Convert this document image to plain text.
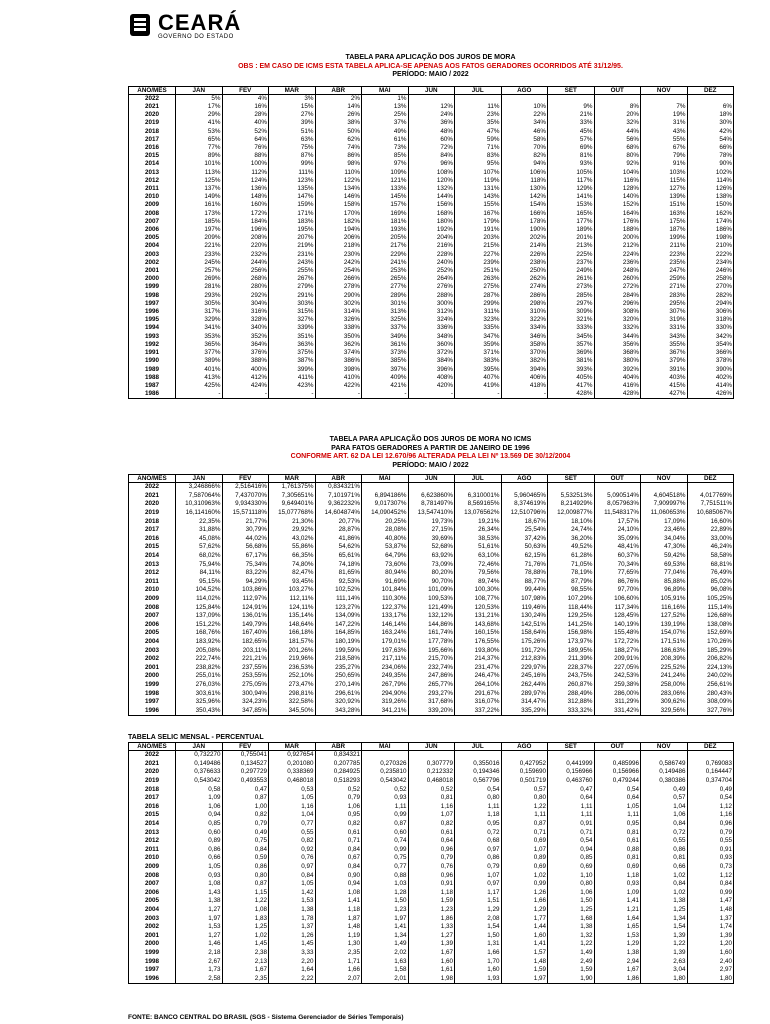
CEARÁ
GOVERNO DO ESTADO
TABELA PARA APLICAÇÃO DOS JUROS DE MORA
OBS : EM CASO DE ICMS ESTA TABELA APLICA-SE APENAS AOS FATOS GERADORES OCORRIDOS ATÉ 31/12/95.
PERÍODO: MAIO / 2022
ANO/MÊS	JAN	FEV	MAR	ABR	MAI	JUN	JUL	AGO	SET	OUT	NOV	DEZ
2022	5%	4%	3%	2%	1%							
2021	17%	16%	15%	14%	13%	12%	11%	10%	9%	8%	7%	6%
2020	29%	28%	27%	26%	25%	24%	23%	22%	21%	20%	19%	18%
2019	41%	40%	39%	38%	37%	36%	35%	34%	33%	32%	31%	30%
2018	53%	52%	51%	50%	49%	48%	47%	46%	45%	44%	43%	42%
2017	65%	64%	63%	62%	61%	60%	59%	58%	57%	56%	55%	54%
2016	77%	76%	75%	74%	73%	72%	71%	70%	69%	68%	67%	66%
2015	89%	88%	87%	86%	85%	84%	83%	82%	81%	80%	79%	78%
2014	101%	100%	99%	98%	97%	96%	95%	94%	93%	92%	91%	90%
2013	113%	112%	111%	110%	109%	108%	107%	106%	105%	104%	103%	102%
2012	125%	124%	123%	122%	121%	120%	119%	118%	117%	116%	115%	114%
2011	137%	136%	135%	134%	133%	132%	131%	130%	129%	128%	127%	126%
2010	149%	148%	147%	146%	145%	144%	143%	142%	141%	140%	139%	138%
2009	161%	160%	159%	158%	157%	156%	155%	154%	153%	152%	151%	150%
2008	173%	172%	171%	170%	169%	168%	167%	166%	165%	164%	163%	162%
2007	185%	184%	183%	182%	181%	180%	179%	178%	177%	176%	175%	174%
2006	197%	196%	195%	194%	193%	192%	191%	190%	189%	188%	187%	186%
2005	209%	208%	207%	206%	205%	204%	203%	202%	201%	200%	199%	198%
2004	221%	220%	219%	218%	217%	216%	215%	214%	213%	212%	211%	210%
2003	233%	232%	231%	230%	229%	228%	227%	226%	225%	224%	223%	222%
2002	245%	244%	243%	242%	241%	240%	239%	238%	237%	236%	235%	234%
2001	257%	256%	255%	254%	253%	252%	251%	250%	249%	248%	247%	246%
2000	269%	268%	267%	266%	265%	264%	263%	262%	261%	260%	259%	258%
1999	281%	280%	279%	278%	277%	276%	275%	274%	273%	272%	271%	270%
1998	293%	292%	291%	290%	289%	288%	287%	286%	285%	284%	283%	282%
1997	305%	304%	303%	302%	301%	300%	299%	298%	297%	296%	295%	294%
1996	317%	316%	315%	314%	313%	312%	311%	310%	309%	308%	307%	306%
1995	329%	328%	327%	326%	325%	324%	323%	322%	321%	320%	319%	318%
1994	341%	340%	339%	338%	337%	336%	335%	334%	333%	332%	331%	330%
1993	353%	352%	351%	350%	349%	348%	347%	346%	345%	344%	343%	342%
1992	365%	364%	363%	362%	361%	360%	359%	358%	357%	356%	355%	354%
1991	377%	376%	375%	374%	373%	372%	371%	370%	369%	368%	367%	366%
1990	389%	388%	387%	386%	385%	384%	383%	382%	381%	380%	379%	378%
1989	401%	400%	399%	398%	397%	396%	395%	394%	393%	392%	391%	390%
1988	413%	412%	411%	410%	409%	408%	407%	406%	405%	404%	403%	402%
1987	425%	424%	423%	422%	421%	420%	419%	418%	417%	416%	415%	414%
1986	-	-	-	-	-	-	-	-	428%	428%	427%	426%
TABELA PARA APLICAÇÃO DOS JUROS DE MORA NO ICMS
PARA FATOS GERADORES A PARTIR DE JANEIRO DE 1996
CONFORME ART. 62 DA LEI 12.670/96 ALTERADA PELA LEI Nº 13.569 DE 30/12/2004
PERÍODO: MAIO / 2022
ANO/MÊS	JAN	FEV	MAR	ABR	MAI	JUN	JUL	AGO	SET	OUT	NOV	DEZ
2022	3,246866%	2,516416%	1,761375%	0,834321%								
2021	7,587064%	7,437070%	7,305651%	7,101971%	6,894186%	6,623860%	6,310001%	5,960465%	5,532513%	5,090514%	4,604518%	4,017769%
2020	10,310963%	9,934330%	9,649401%	9,362232%	9,017307%	8,781497%	8,569165%	8,374619%	8,214929%	8,057963%	7,909997%	7,751511%
2019	16,114160%	15,571118%	15,077768%	14,604874%	14,090452%	13,547410%	13,076562%	12,510796%	12,009877%	11,548317%	11,060653%	10,685067%
2018	22,35%	21,77%	21,30%	20,77%	20,25%	19,73%	19,21%	18,67%	18,10%	17,57%	17,09%	16,60%
2017	31,88%	30,79%	29,92%	28,87%	28,08%	27,15%	26,34%	25,54%	24,74%	24,10%	23,46%	22,89%
2016	45,08%	44,02%	43,02%	41,86%	40,80%	39,69%	38,53%	37,42%	36,20%	35,09%	34,04%	33,00%
2015	57,62%	56,68%	55,86%	54,62%	53,87%	52,68%	51,61%	50,63%	49,52%	48,41%	47,30%	46,24%
2014	68,02%	67,17%	66,35%	65,61%	64,79%	63,92%	63,10%	62,15%	61,28%	60,37%	59,42%	58,58%
2013	75,94%	75,34%	74,80%	74,18%	73,60%	73,09%	72,46%	71,76%	71,05%	70,34%	69,53%	68,81%
2012	84,11%	83,22%	82,47%	81,65%	80,94%	80,20%	79,56%	78,88%	78,19%	77,65%	77,04%	76,49%
2011	95,15%	94,29%	93,45%	92,53%	91,69%	90,70%	89,74%	88,77%	87,79%	86,76%	85,88%	85,02%
2010	104,52%	103,86%	103,27%	102,52%	101,84%	101,09%	100,30%	99,44%	98,55%	97,70%	96,89%	96,08%
2009	114,02%	112,97%	112,11%	111,14%	110,30%	109,53%	108,77%	107,98%	107,29%	106,60%	105,91%	105,25%
2008	125,84%	124,91%	124,11%	123,27%	122,37%	121,49%	120,53%	119,46%	118,44%	117,34%	116,16%	115,14%
2007	137,09%	136,01%	135,14%	134,09%	133,17%	132,12%	131,21%	130,24%	129,25%	128,45%	127,52%	126,68%
2006	151,22%	149,79%	148,64%	147,22%	146,14%	144,86%	143,68%	142,51%	141,25%	140,19%	139,19%	138,08%
2005	168,76%	167,40%	166,18%	164,85%	163,24%	161,74%	160,15%	158,64%	156,98%	155,48%	154,07%	152,69%
2004	183,92%	182,65%	181,57%	180,19%	179,01%	177,78%	176,55%	175,26%	173,97%	172,72%	171,51%	170,26%
2003	205,08%	203,11%	201,26%	199,59%	197,63%	195,66%	193,80%	191,72%	189,95%	188,27%	186,63%	185,29%
2002	222,74%	221,21%	219,96%	218,58%	217,11%	215,70%	214,37%	212,83%	211,39%	209,91%	208,39%	206,82%
2001	238,82%	237,55%	236,53%	235,27%	234,06%	232,74%	231,47%	229,97%	228,37%	227,05%	225,52%	224,13%
2000	255,01%	253,55%	252,10%	250,65%	249,35%	247,86%	246,47%	245,16%	243,75%	242,53%	241,24%	240,02%
1999	276,03%	275,05%	273,47%	270,14%	267,79%	265,77%	264,10%	262,44%	260,87%	259,38%	258,00%	256,61%
1998	303,61%	300,94%	298,81%	296,61%	294,90%	293,27%	291,67%	289,97%	288,49%	286,00%	283,06%	280,43%
1997	325,96%	324,23%	322,58%	320,92%	319,26%	317,68%	316,07%	314,47%	312,88%	311,29%	309,62%	308,09%
1996	350,43%	347,85%	345,50%	343,28%	341,21%	339,20%	337,22%	335,29%	333,32%	331,42%	329,56%	327,76%
TABELA SELIC MENSAL - PERCENTUAL
ANO/MÊS	JAN	FEV	MAR	ABR	MAI	JUN	JUL	AGO	SET	OUT	NOV	DEZ
2022	0,732270	0,755041	0,927654	0,834321								
2021	0,149486	0,134527	0,201080	0,207785	0,270326	0,307779	0,355016	0,427952	0,441999	0,485996	0,586749	0,769083
2020	0,376633	0,297729	0,338369	0,284925	0,235810	0,212332	0,194346	0,159690	0,156966	0,156966	0,149486	0,164447
2019	0,543042	0,493553	0,468018	0,518293	0,543042	0,468018	0,567796	0,501719	0,463760	0,479244	0,380386	0,374704
2018	0,58	0,47	0,53	0,52	0,52	0,52	0,54	0,57	0,47	0,54	0,49	0,49
2017	1,09	0,87	1,05	0,79	0,93	0,81	0,80	0,80	0,64	0,64	0,57	0,54
2016	1,06	1,00	1,16	1,06	1,11	1,16	1,11	1,22	1,11	1,05	1,04	1,12
2015	0,94	0,82	1,04	0,95	0,99	1,07	1,18	1,11	1,11	1,11	1,06	1,16
2014	0,85	0,79	0,77	0,82	0,87	0,82	0,95	0,87	0,91	0,95	0,84	0,96
2013	0,60	0,49	0,55	0,61	0,60	0,61	0,72	0,71	0,71	0,81	0,72	0,79
2012	0,89	0,75	0,82	0,71	0,74	0,64	0,68	0,69	0,54	0,61	0,55	0,55
2011	0,86	0,84	0,92	0,84	0,99	0,96	0,97	1,07	0,94	0,88	0,86	0,91
2010	0,66	0,59	0,76	0,67	0,75	0,79	0,86	0,89	0,85	0,81	0,81	0,93
2009	1,05	0,86	0,97	0,84	0,77	0,76	0,79	0,69	0,69	0,69	0,66	0,73
2008	0,93	0,80	0,84	0,90	0,88	0,96	1,07	1,02	1,10	1,18	1,02	1,12
2007	1,08	0,87	1,05	0,94	1,03	0,91	0,97	0,99	0,80	0,93	0,84	0,84
2006	1,43	1,15	1,42	1,08	1,28	1,18	1,17	1,26	1,06	1,09	1,02	0,99
2005	1,38	1,22	1,53	1,41	1,50	1,59	1,51	1,66	1,50	1,41	1,38	1,47
2004	1,27	1,08	1,38	1,18	1,23	1,23	1,29	1,29	1,25	1,21	1,25	1,48
2003	1,97	1,83	1,78	1,87	1,97	1,86	2,08	1,77	1,68	1,64	1,34	1,37
2002	1,53	1,25	1,37	1,48	1,41	1,33	1,54	1,44	1,38	1,65	1,54	1,74
2001	1,27	1,02	1,26	1,19	1,34	1,27	1,50	1,60	1,32	1,53	1,39	1,39
2000	1,46	1,45	1,45	1,30	1,49	1,39	1,31	1,41	1,22	1,29	1,22	1,20
1999	2,18	2,38	3,33	2,35	2,02	1,67	1,66	1,57	1,49	1,38	1,39	1,60
1998	2,67	2,13	2,20	1,71	1,63	1,60	1,70	1,48	2,49	2,94	2,63	2,40
1997	1,73	1,67	1,64	1,66	1,58	1,61	1,60	1,59	1,59	1,67	3,04	2,97
1996	2,58	2,35	2,22	2,07	2,01	1,98	1,93	1,97	1,90	1,86	1,80	1,80
FONTE: BANCO CENTRAL DO BRASIL (SGS - Sistema Gerenciador de Séries Temporais)
